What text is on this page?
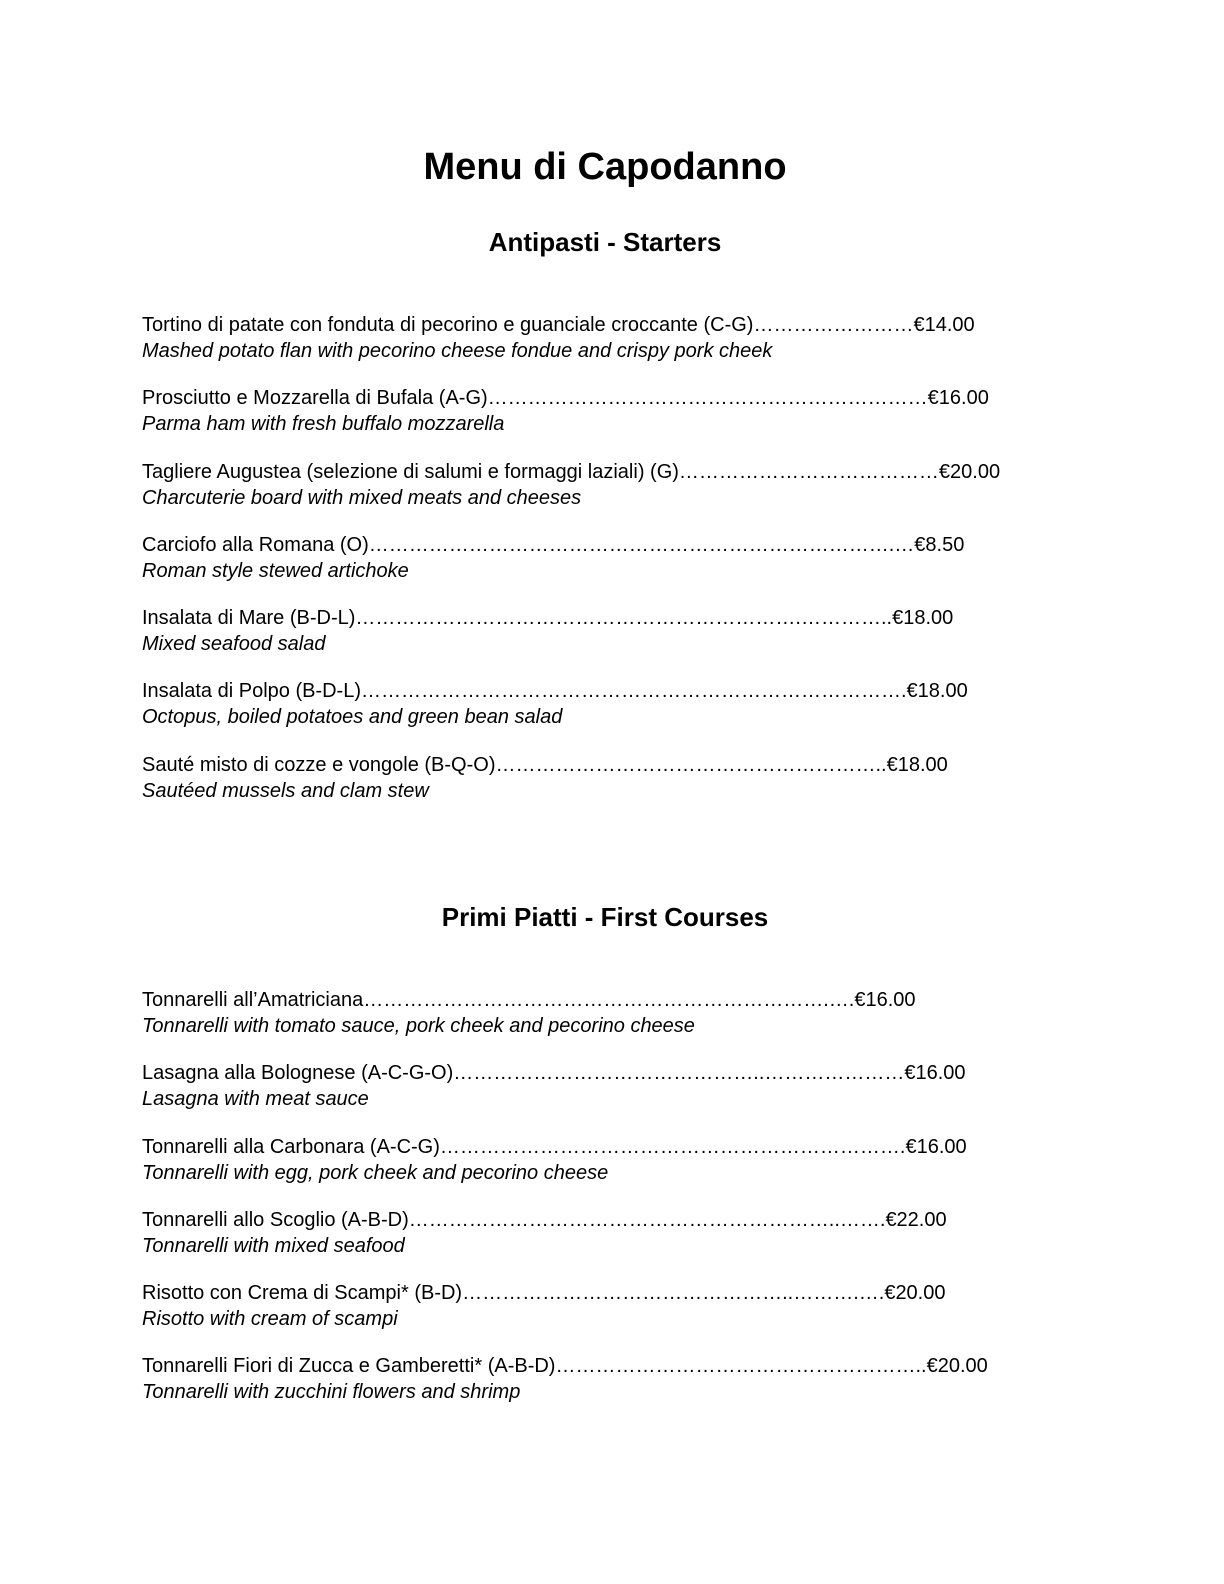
Menu di Capodanno
Antipasti - Starters
Tortino di patate con fonduta di pecorino e guanciale croccante (C-G)……………………€14.00
Mashed potato flan with pecorino cheese fondue and crispy pork cheek
Prosciutto e Mozzarella di Bufala (A-G)…………………………………………………………€16.00
Parma ham with fresh buffalo mozzarella
Tagliere Augustea (selezione di salumi e formaggi laziali) (G)…………………………………€20.00
Charcuterie board with mixed meats and cheeses
Carciofo alla Romana (O)…………………………………………………………………….…€8.50
Roman style stewed artichoke
Insalata di Mare (B-D-L)………………………………………………………….…………..€18.00
Mixed seafood salad
Insalata di Polpo (B-D-L)……………………………………………………………………….€18.00
Octopus, boiled potatoes and green bean salad
Sauté misto di cozze e vongole (B-Q-O)…………………………………………………..€18.00
Sautéed mussels and clam stew
Primi Piatti - First Courses
Tonnarelli all’Amatriciana…………………………………………………………….….€16.00
Tonnarelli with tomato sauce, pork cheek and pecorino cheese
Lasagna alla Bolognese (A-C-G-O)………………………………………..…………………€16.00
Lasagna with meat sauce
Tonnarelli alla Carbonara (A-C-G)…………………………………………………………….€16.00
Tonnarelli with egg, pork cheek and pecorino cheese
Tonnarelli allo Scoglio (A-B-D)………………………………………………………..…….€22.00
Tonnarelli with mixed seafood
Risotto con Crema di Scampi* (B-D)…………………………………………..……….….€20.00
Risotto with cream of scampi
Tonnarelli Fiori di Zucca e Gamberetti* (A-B-D)………………………………………………..€20.00
Tonnarelli with zucchini flowers and shrimp
